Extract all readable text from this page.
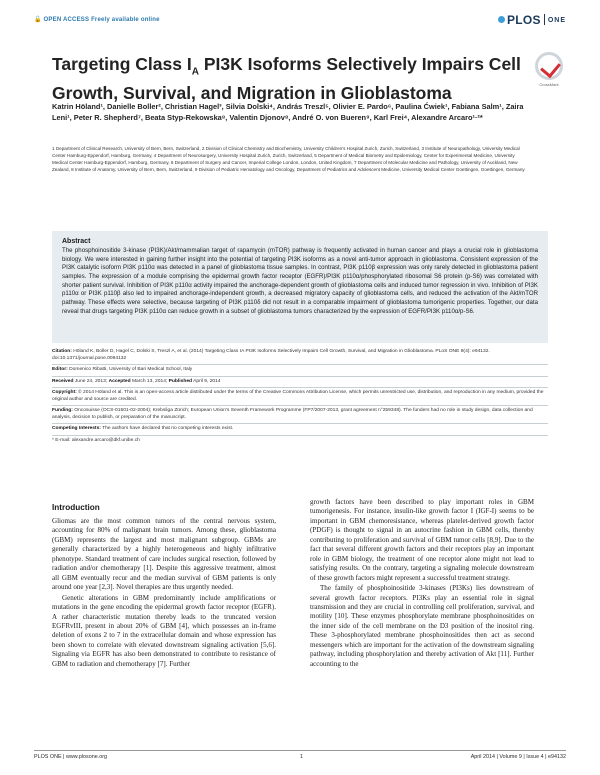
🔓 OPEN ACCESS Freely available online	PLOS ONE
Targeting Class $I_A$ PI3K Isoforms Selectively Impairs Cell Growth, Survival, and Migration in Glioblastoma	CrossMark
Katrin Höland¹, Danielle Boller², Christian Hagel³, Silvia Dolski⁴, András Treszl⁵, Olivier E. Pardo⁶, Paulina Ćwiek¹, Fabiana Salm¹, Zaira Leni¹, Peter R. Shepherd⁷, Beata Styp-Rekowska⁸, Valentin Djonov⁸, André O. von Bueren⁹, Karl Frei⁴, Alexandre Arcaro¹·²*
1 Department of Clinical Research, University of Bern, Bern, Switzerland, 2 Division of Clinical Chemistry and Biochemistry, University Children's Hospital Zurich, Zurich, Switzerland, 3 Institute of Neuropathology, University Medical Center Hamburg-Eppendorf, Hamburg, Germany, 4 Department of Neurosurgery, University Hospital Zurich, Zurich, Switzerland, 5 Department of Medical Biometry and Epidemiology, Center for Experimental Medicine, University Medical Center Hamburg-Eppendorf, Hamburg, Germany, 6 Department of Surgery and Cancer, Imperial College London, London, United Kingdom, 7 Department of Molecular Medicine and Pathology, University of Auckland, New Zealand, 8 Institute of Anatomy, University of Bern, Bern, Switzerland, 9 Division of Pediatric Hematology and Oncology, Department of Pediatrics and Adolescent Medicine, University Medical Center Goettingen, Goettingen, Germany
Abstract
The phosphoinositide 3-kinase (PI3K)/Akt/mammalian target of rapamycin (mTOR) pathway is frequently activated in human cancer and plays a crucial role in glioblastoma biology. We were interested in gaining further insight into the potential of targeting PI3K isoforms as a novel anti-tumor approach in glioblastoma. Consistent expression of the PI3K catalytic isoform PI3K p110α was detected in a panel of glioblastoma tissue samples. In contrast, PI3K p110β expression was only rarely detected in glioblastoma patient samples. The expression of a module comprising the epidermal growth factor receptor (EGFR)/PI3K p110α/phosphorylated ribosomal S6 protein (p-S6) was correlated with shorter patient survival. Inhibition of PI3K p110α activity impaired the anchorage-dependent growth of glioblastoma cells and induced tumor regression in vivo. Inhibition of PI3K p110α or PI3K p110β also led to impaired anchorage-independent growth, a decreased migratory capacity of glioblastoma cells, and reduced the activation of the Akt/mTOR pathway. These effects were selective, because targeting of PI3K p110δ did not result in a comparable impairment of glioblastoma tumorigenic properties. Together, our data reveal that drugs targeting PI3K p110α can reduce growth in a subset of glioblastoma tumors characterized by the expression of EGFR/PI3K p110α/p-S6.
Citation: Höland K, Boller D, Hagel C, Dolski S, Treszl A, et al. (2014) Targeting Class IA PI3K Isoforms Selectively Impairs Cell Growth, Survival, and Migration in Glioblastoma. PLoS ONE 9(4): e94132. doi:10.1371/journal.pone.0094132
Editor: Domenico Ribatti, University of Bari Medical School, Italy
Received June 24, 2013; Accepted March 13, 2014; Published April 9, 2014
Copyright: © 2014 Höland et al. This is an open-access article distributed under the terms of the Creative Commons Attribution License, which permits unrestricted use, distribution, and reproduction in any medium, provided the original author and source are credited.
Funding: Oncosuisse (OCS-01501-02-2004); Krebsliga Zürich; European Union's Seventh Framework Programme (FP7/2007-2013, grant agreement n°259348). The funders had no role in study design, data collection and analysis, decision to publish, or preparation of the manuscript.
Competing Interests: The authors have declared that no competing interests exist.
* E-mail: alexandre.arcaro@dkf.unibe.ch
Introduction

Gliomas are the most common tumors of the central nervous system, accounting for 80% of malignant brain tumors. Among these, glioblastoma (GBM) represents the largest and most malignant subgroup. GBMs are generally characterized by a highly heterogeneous and highly infiltrative phenotype. Standard treatment of care includes surgical resection, followed by radiation and/or chemotherapy [1]. Despite this aggressive treatment, almost all GBM eventually recur and the median survival of GBM patients is only around one year [2,3]. Novel therapies are thus urgently needed.

Genetic alterations in GBM predominantly include amplifications or mutations in the gene encoding the epidermal growth factor receptor (EGFR). A rather characteristic mutation thereby leads to the truncated version EGFRvIII, present in about 20% of GBM [4], which possesses an in-frame deletion of exons 2 to 7 in the extracellular domain and whose expression has been shown to correlate with elevated downstream signaling activation [5,6]. Signaling via EGFR has also been demonstrated to contribute to resistance of GBM to radiation and chemotherapy [7]. Further

growth factors have been described to play important roles in GBM tumorigenesis. For instance, insulin-like growth factor I (IGF-I) seems to be important in GBM chemoresistance, whereas platelet-derived growth factor (PDGF) is thought to signal in an autocrine fashion in GBM cells, thereby contributing to proliferation and survival of GBM tumor cells [8,9]. Due to the fact that several different growth factors and their receptors play an important role in GBM biology, the treatment of one receptor alone might not lead to satisfying results. On the contrary, targeting a signaling molecule downstream of these growth factors might represent a successful treatment strategy.

The family of phosphoinositide 3-kinases (PI3Ks) lies downstream of several growth factor receptors. PI3Ks play an essential role in signal transmission and they are crucial in controlling cell proliferation, survival, and motility [10]. These enzymes phosphorylate membrane phosphoinositides on the inner side of the cell membrane on the D3 position of the inositol ring. These 3-phosphorylated membrane phosphoinositides then act as second messengers which are important for the activation of the downstream signaling pathway, including phosphorylation and thereby activation of Akt [11]. Further accounting to the

PLOS ONE | www.plosone.org	April 2014 | Volume 9 | Issue 4 | e94132
1
